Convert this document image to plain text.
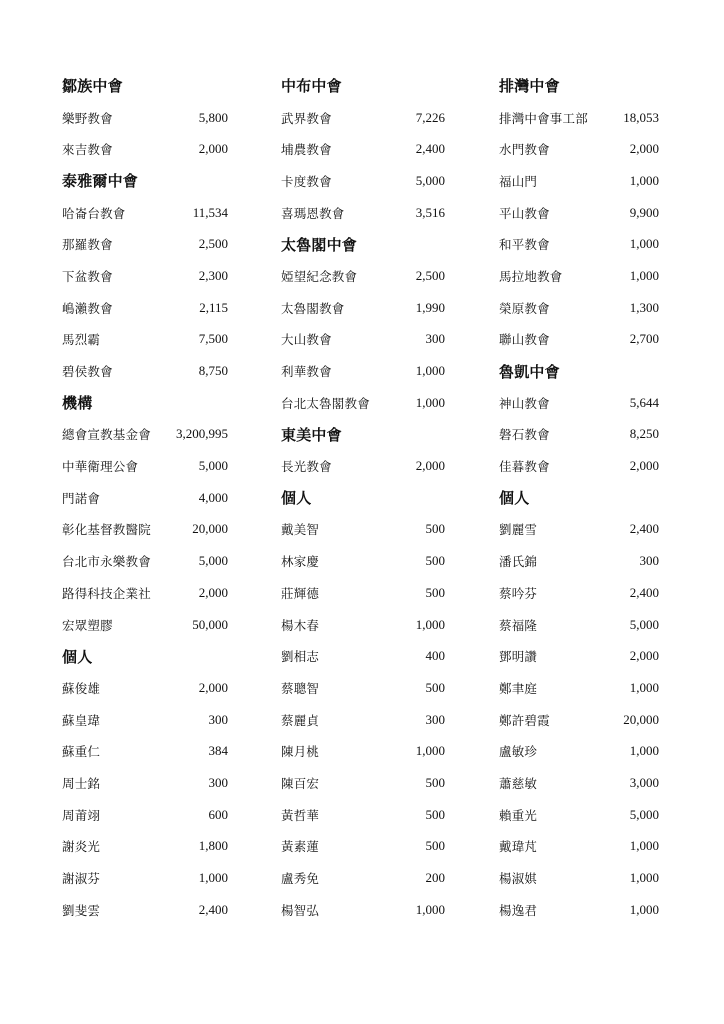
鄒族中會
樂野教會	5,800
來吉教會	2,000
泰雅爾中會
哈崙台教會	11,534
那羅教會	2,500
下盆教會	2,300
嶋瀨教會	2,115
馬烈霸	7,500
碧侯教會	8,750
機構
總會宣教基金會 3,200,995
中華衛理公會	5,000
門諾會	4,000
彰化基督教醫院	20,000
台北市永樂教會	5,000
路得科技企業社	2,000
宏眾塑膠	50,000
個人
蘇俊雄	2,000
蘇皇瑋	300
蘇重仁	384
周士銘	300
周莆翊	600
謝炎光	1,800
謝淑芬	1,000
劉斐雲	2,400
中布中會
武界教會	7,226
埔農教會	2,400
卡度教會	5,000
喜瑪恩教會	3,516
太魯閣中會
婭望紀念教會	2,500
太魯閣教會	1,990
大山教會	300
利華教會	1,000
台北太魯閣教會	1,000
東美中會
長光教會	2,000
個人
戴美智	500
林家慶	500
莊輝德	500
楊木春	1,000
劉相志	400
蔡聰智	500
蔡麗貞	300
陳月桃	1,000
陳百宏	500
黃哲華	500
黃素蓮	500
盧秀免	200
楊智弘	1,000
排灣中會
排灣中會事工部	18,053
水門教會	2,000
福山門	1,000
平山教會	9,900
和平教會	1,000
馬拉地教會	1,000
榮原教會	1,300
聯山教會	2,700
魯凱中會
神山教會	5,644
磐石教會	8,250
佳暮教會	2,000
個人
劉麗雪	2,400
潘氏錦	300
蔡吟芬	2,400
蔡福隆	5,000
鄧明讚	2,000
鄭聿庭	1,000
鄭許碧霞	20,000
盧敏珍	1,000
蕭慈敏	3,000
賴重光	5,000
戴瑋芃	1,000
楊淑娸	1,000
楊逸君	1,000
